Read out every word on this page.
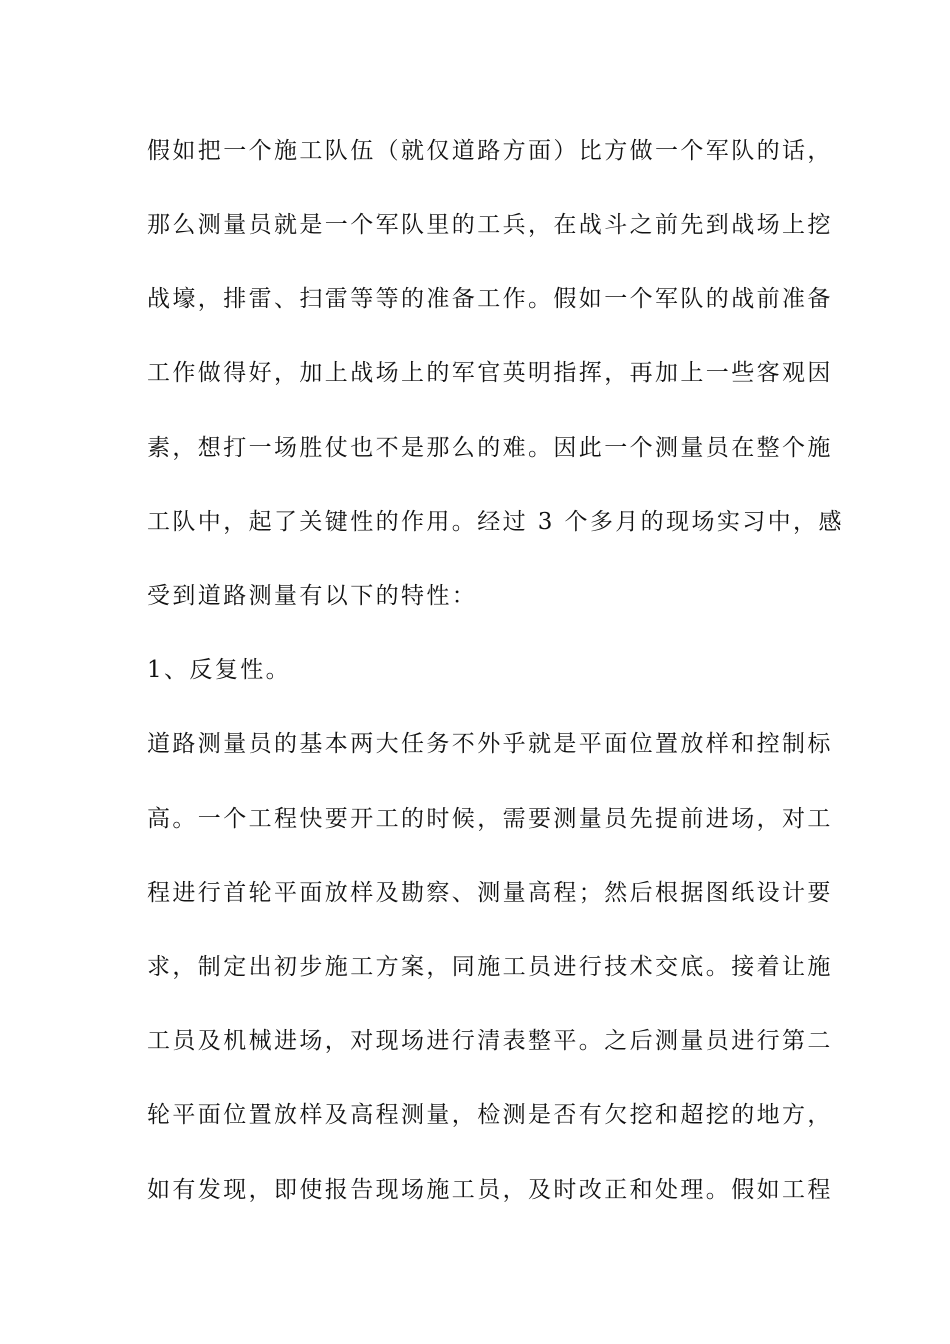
假如把一个施工队伍（就仅道路方面）比方做一个军队的话，
那么测量员就是一个军队里的工兵，在战斗之前先到战场上挖
战壕，排雷、扫雷等等的准备工作。假如一个军队的战前准备
工作做得好，加上战场上的军官英明指挥，再加上一些客观因
素，想打一场胜仗也不是那么的难。因此一个测量员在整个施
工队中，起了关键性的作用。经过 3 个多月的现场实习中，感
受到道路测量有以下的特性：
1、反复性。
道路测量员的基本两大任务不外乎就是平面位置放样和控制标
高。一个工程快要开工的时候，需要测量员先提前进场，对工
程进行首轮平面放样及勘察、测量高程；然后根据图纸设计要
求，制定出初步施工方案，同施工员进行技术交底。接着让施
工员及机械进场，对现场进行清表整平。之后测量员进行第二
轮平面位置放样及高程测量，检测是否有欠挖和超挖的地方，
如有发现，即使报告现场施工员，及时改正和处理。假如工程
